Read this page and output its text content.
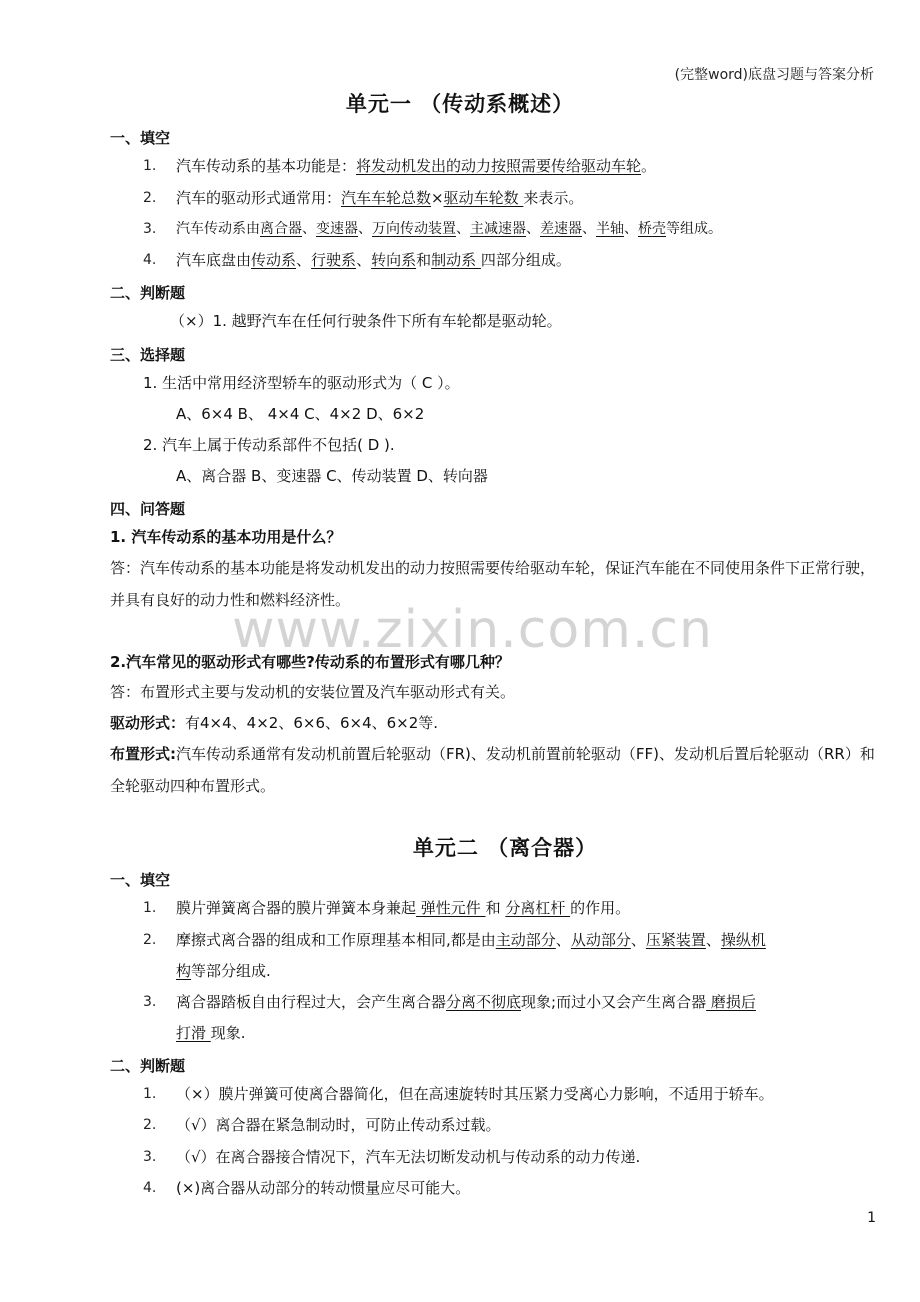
(完整word)底盘习题与答案分析
单元一 （传动系概述）
一、填空
1. 汽车传动系的基本功能是：将发动机发出的动力按照需要传给驱动车轮。
2. 汽车的驱动形式通常用：汽车车轮总数×驱动车轮数 来表示。
3. 汽车传动系由离合器、变速器、万向传动装置、主减速器、差速器、半轴、桥壳等组成。
4. 汽车底盘由传动系、行驶系、转向系和制动系 四部分组成。
二、判断题
（×）1. 越野汽车在任何行驶条件下所有车轮都是驱动轮。
三、选择题
1. 生活中常用经济型轿车的驱动形式为（ C ）。
A、6×4 B、 4×4 C、4×2 D、6×2
2. 汽车上属于传动系部件不包括( D ).
A、离合器 B、变速器 C、传动装置 D、转向器
四、问答题
1. 汽车传动系的基本功用是什么？
答：汽车传动系的基本功能是将发动机发出的动力按照需要传给驱动车轮，保证汽车能在不同使用条件下正常行驶，并具有良好的动力性和燃料经济性。
www.zixin.com.cn
2.汽车常见的驱动形式有哪些?传动系的布置形式有哪几种？
答：布置形式主要与发动机的安装位置及汽车驱动形式有关。
驱动形式：有4×4、4×2、6×6、6×4、6×2等.
布置形式:汽车传动系通常有发动机前置后轮驱动（FR)、发动机前置前轮驱动（FF)、发动机后置后轮驱动（RR）和全轮驱动四种布置形式。
单元二 （离合器）
一、填空
1. 膜片弹簧离合器的膜片弹簧本身兼起 弹性元件 和 分离杠杆 的作用。
2. 摩擦式离合器的组成和工作原理基本相同,都是由主动部分、从动部分、压紧装置、操纵机
构等部分组成.
3. 离合器踏板自由行程过大，会产生离合器分离不彻底现象;而过小又会产生离合器 磨损后
打滑 现象.
二、判断题
1. （×）膜片弹簧可使离合器简化，但在高速旋转时其压紧力受离心力影响，不适用于轿车。
2. （√）离合器在紧急制动时，可防止传动系过载。
3. （√）在离合器接合情况下，汽车无法切断发动机与传动系的动力传递.
4. (×)离合器从动部分的转动惯量应尽可能大。
1
